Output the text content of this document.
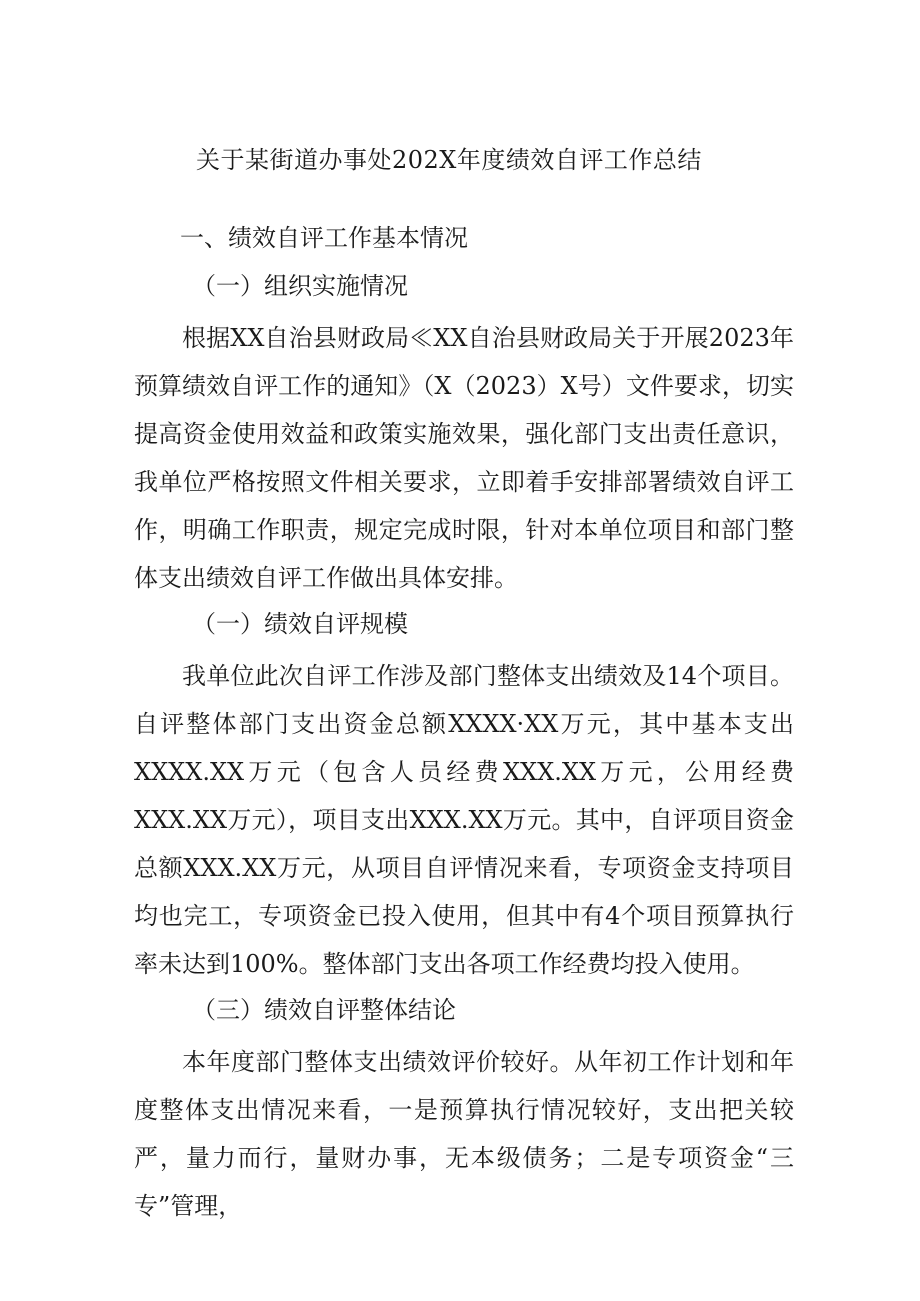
关于某街道办事处202X年度绩效自评工作总结
一、绩效自评工作基本情况
（一）组织实施情况
根据XX自治县财政局≪XX自治县财政局关于开展2023年预算绩效自评工作的通知》（X（2023）X号）文件要求，切实提高资金使用效益和政策实施效果，强化部门支出责任意识，我单位严格按照文件相关要求，立即着手安排部署绩效自评工作，明确工作职责，规定完成时限，针对本单位项目和部门整体支出绩效自评工作做出具体安排。
（一）绩效自评规模
我单位此次自评工作涉及部门整体支出绩效及14个项目。自评整体部门支出资金总额XXXX·XX万元，其中基本支出XXXX.XX万元（包含人员经费XXX.XX万元，公用经费XXX.XX万元），项目支出XXX.XX万元。其中，自评项目资金总额XXX.XX万元，从项目自评情况来看，专项资金支持项目均也完工，专项资金已投入使用，但其中有4个项目预算执行率未达到100%。整体部门支出各项工作经费均投入使用。
（三）绩效自评整体结论
本年度部门整体支出绩效评价较好。从年初工作计划和年度整体支出情况来看，一是预算执行情况较好，支出把关较严，量力而行，量财办事，无本级债务；二是专项资金“三专”管理，
